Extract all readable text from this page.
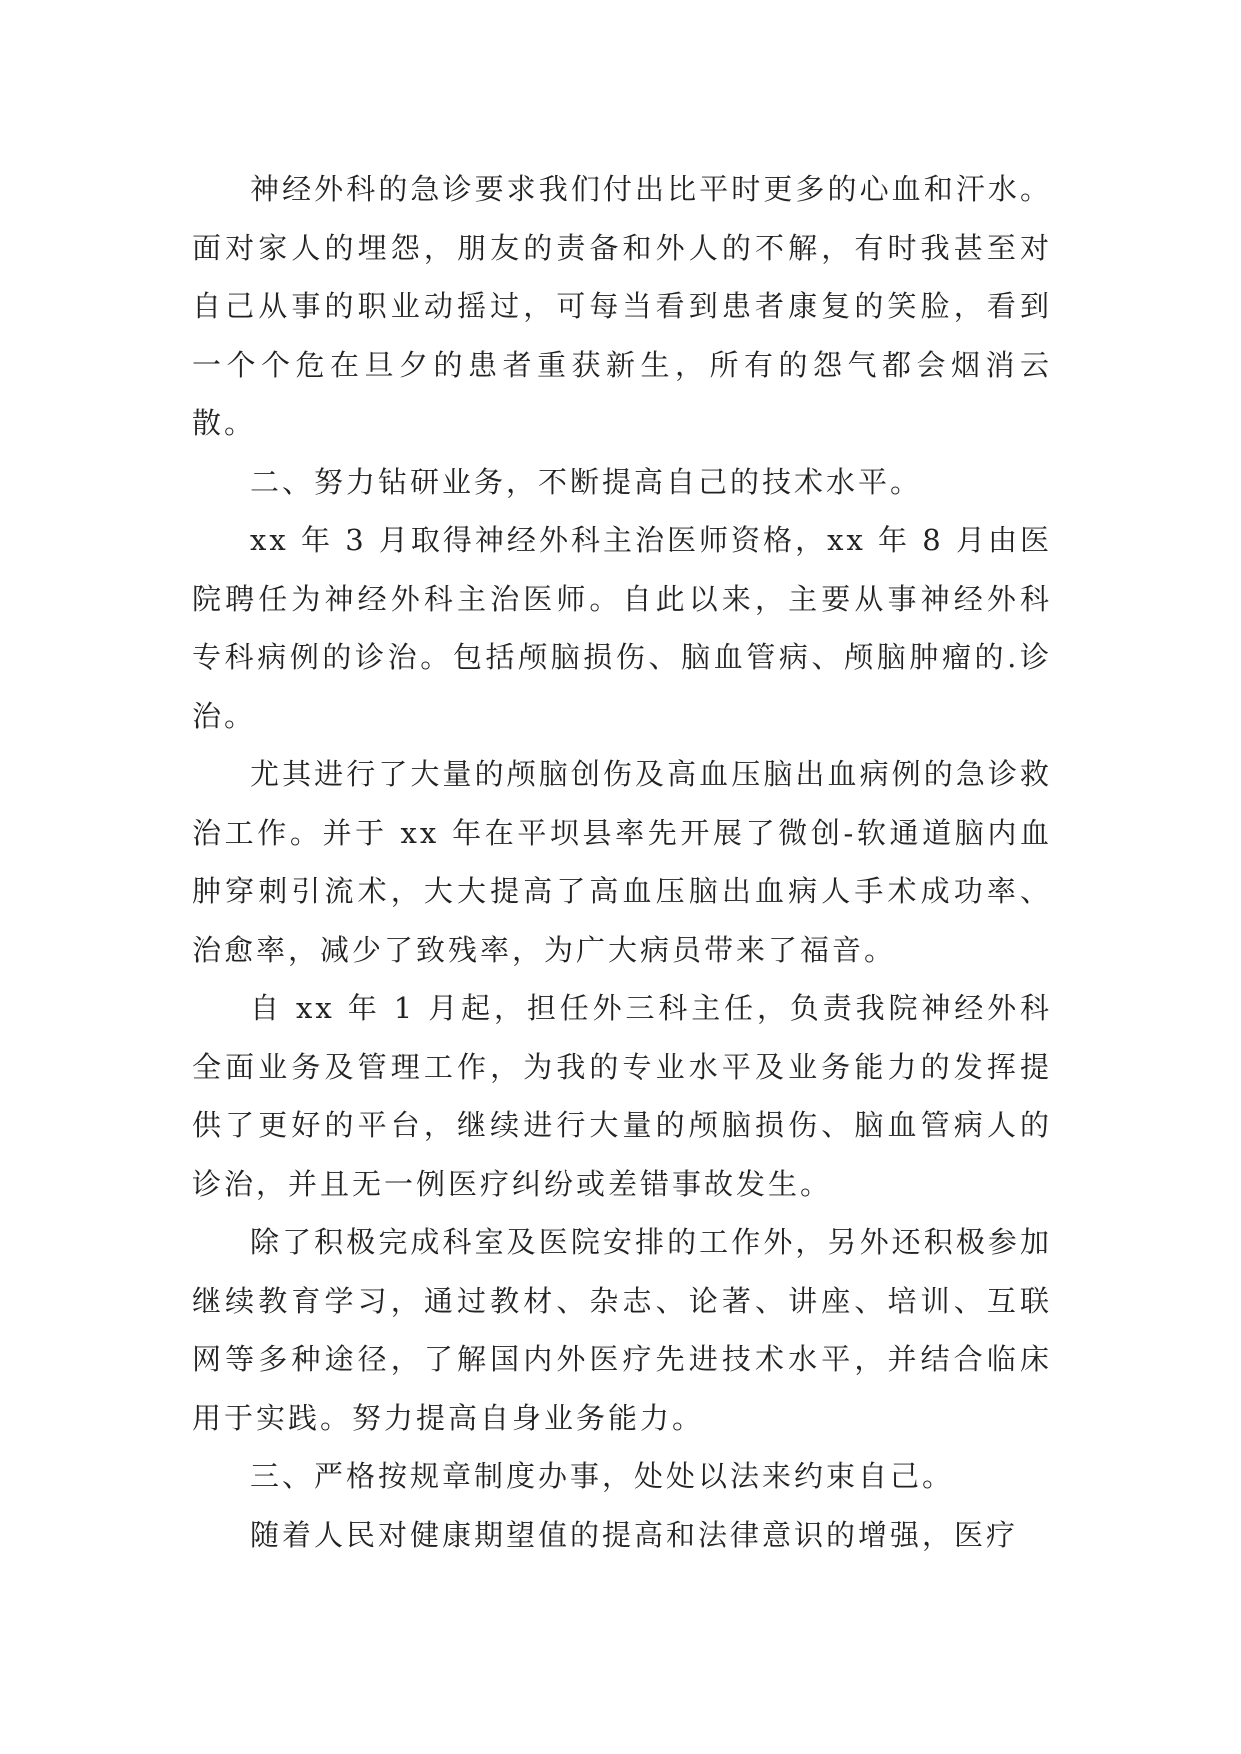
神经外科的急诊要求我们付出比平时更多的心血和汗水。面对家人的埋怨，朋友的责备和外人的不解，有时我甚至对自己从事的职业动摇过，可每当看到患者康复的笑脸，看到一个个危在旦夕的患者重获新生，所有的怨气都会烟消云散。

二、努力钻研业务，不断提高自己的技术水平。

xx 年 3 月取得神经外科主治医师资格，xx 年 8 月由医院聘任为神经外科主治医师。自此以来，主要从事神经外科专科病例的诊治。包括颅脑损伤、脑血管病、颅脑肿瘤的.诊治。

尤其进行了大量的颅脑创伤及高血压脑出血病例的急诊救治工作。并于 xx 年在平坝县率先开展了微创-软通道脑内血肿穿刺引流术，大大提高了高血压脑出血病人手术成功率、治愈率，减少了致残率，为广大病员带来了福音。

自 xx 年 1 月起，担任外三科主任，负责我院神经外科全面业务及管理工作，为我的专业水平及业务能力的发挥提供了更好的平台，继续进行大量的颅脑损伤、脑血管病人的诊治，并且无一例医疗纠纷或差错事故发生。

除了积极完成科室及医院安排的工作外，另外还积极参加继续教育学习，通过教材、杂志、论著、讲座、培训、互联网等多种途径，了解国内外医疗先进技术水平，并结合临床用于实践。努力提高自身业务能力。

三、严格按规章制度办事，处处以法来约束自己。

随着人民对健康期望值的提高和法律意识的增强，医疗
